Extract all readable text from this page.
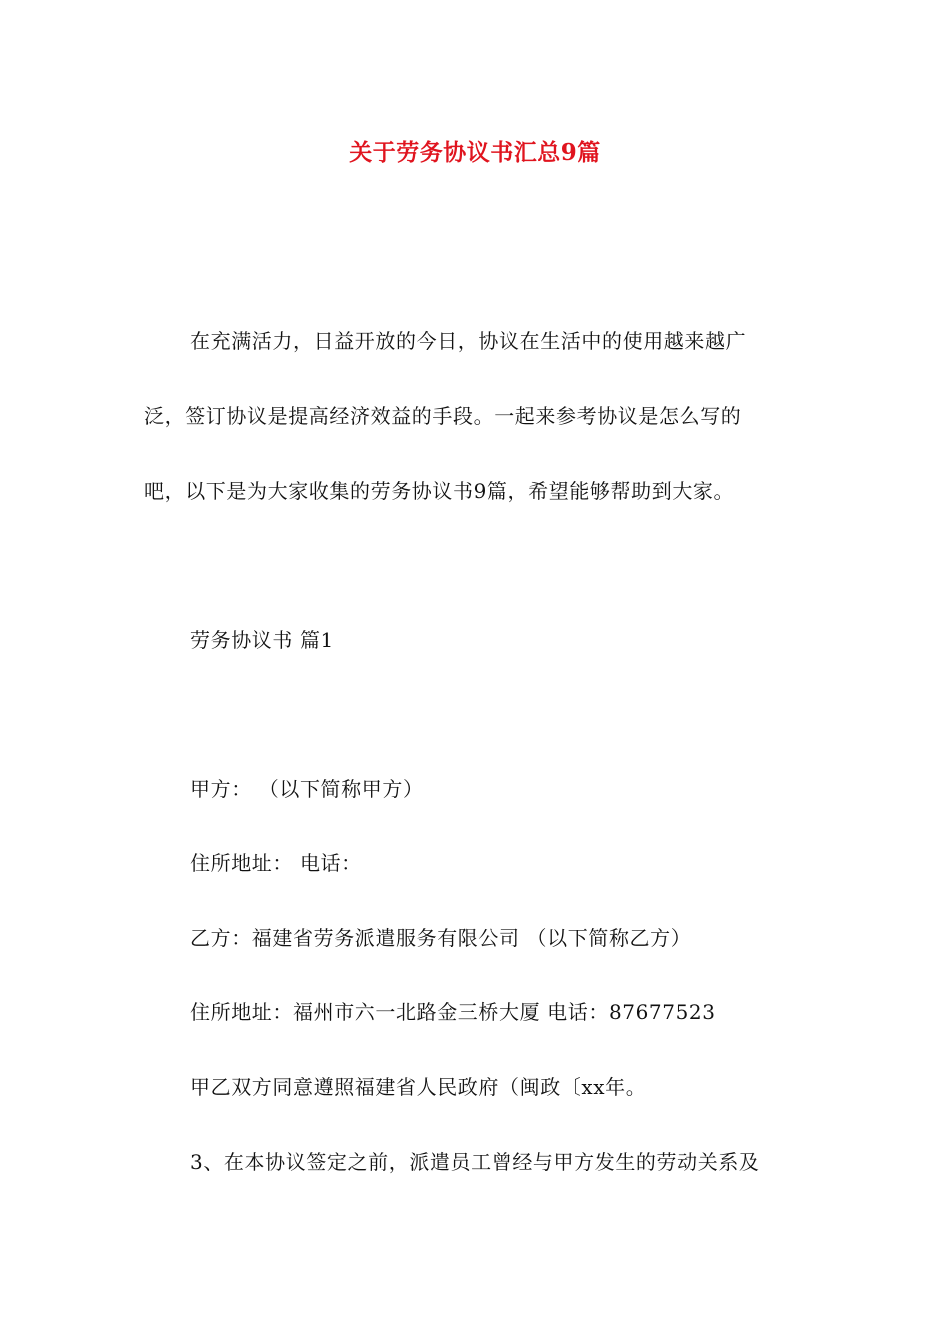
关于劳务协议书汇总9篇
在充满活力，日益开放的今日，协议在生活中的使用越来越广
泛，签订协议是提高经济效益的手段。一起来参考协议是怎么写的
吧，以下是为大家收集的劳务协议书9篇，希望能够帮助到大家。
劳务协议书 篇1
甲方： （以下简称甲方）
住所地址： 电话：
乙方：福建省劳务派遣服务有限公司 （以下简称乙方）
住所地址：福州市六一北路金三桥大厦 电话：87677523
甲乙双方同意遵照福建省人民政府（闽政〔xx年。
3、在本协议签定之前，派遣员工曾经与甲方发生的劳动关系及
